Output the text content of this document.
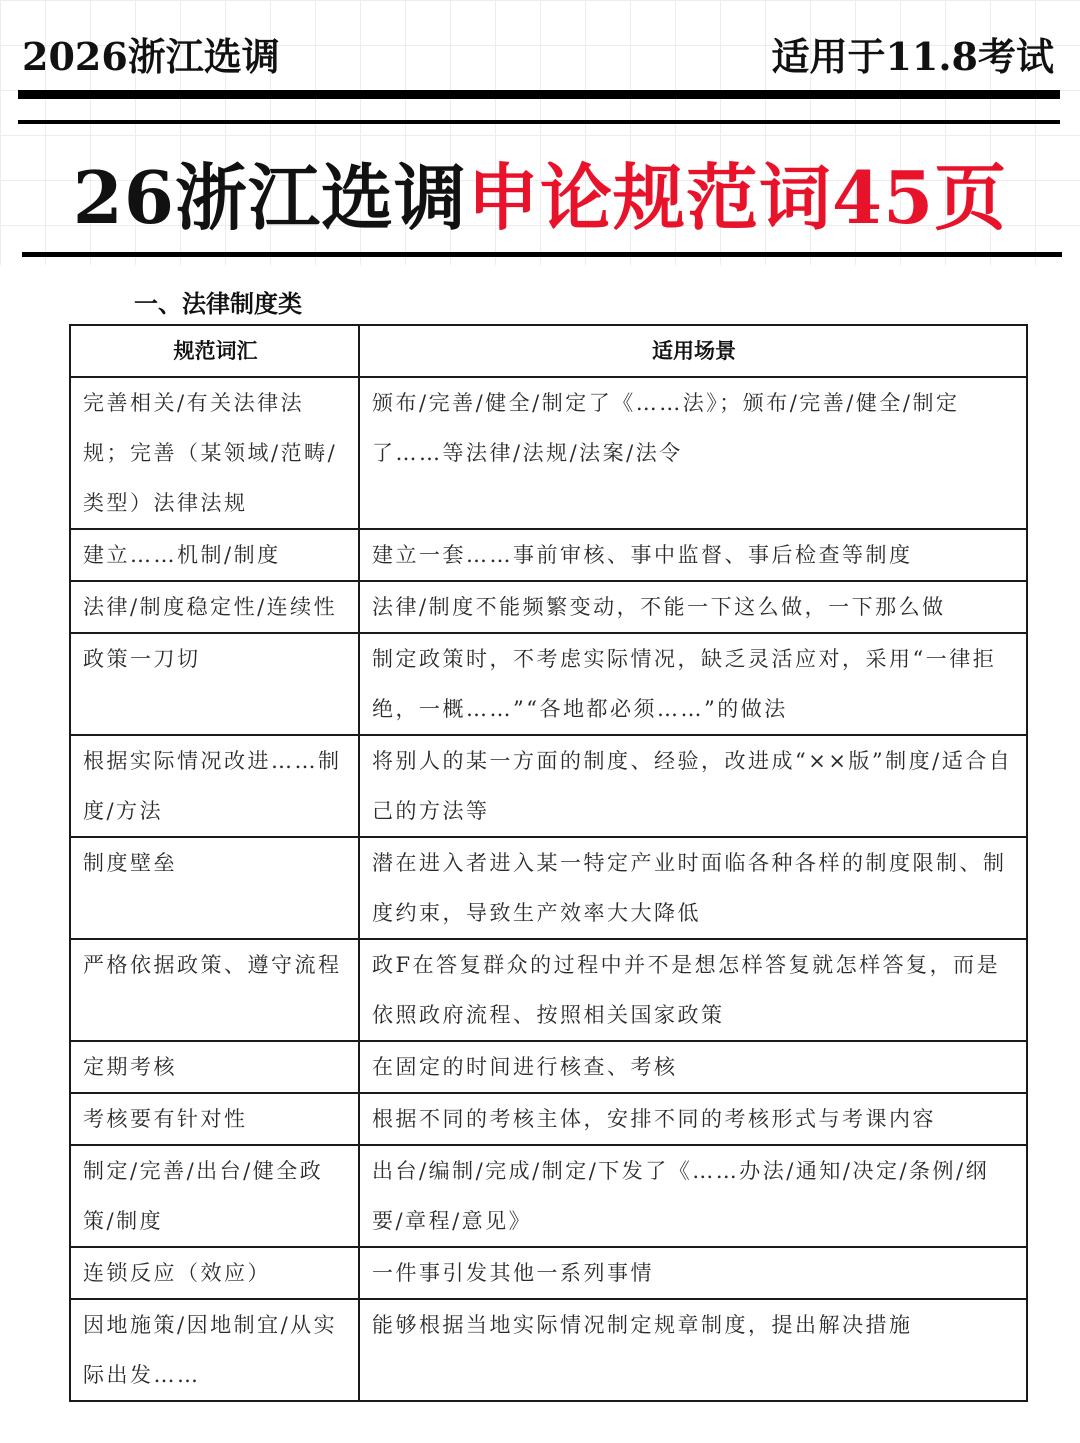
2026浙江选调	适用于11.8考试
26浙江选调申论规范词45页
一、法律制度类
规范词汇	适用场景
完善相关/有关法律法规；完善（某领域/范畴/类型）法律法规	颁布/完善/健全/制定了《……法》；颁布/完善/健全/制定了……等法律/法规/法案/法令
建立……机制/制度	建立一套……事前审核、事中监督、事后检查等制度
法律/制度稳定性/连续性	法律/制度不能频繁变动，不能一下这么做，一下那么做
政策一刀切	制定政策时，不考虑实际情况，缺乏灵活应对，采用“一律拒绝，一概……”“各地都必须……”的做法
根据实际情况改进……制度/方法	将别人的某一方面的制度、经验，改进成“××版”制度/适合自己的方法等
制度壁垒	潜在进入者进入某一特定产业时面临各种各样的制度限制、制度约束，导致生产效率大大降低
严格依据政策、遵守流程	政F在答复群众的过程中并不是想怎样答复就怎样答复，而是依照政府流程、按照相关国家政策
定期考核	在固定的时间进行核查、考核
考核要有针对性	根据不同的考核主体，安排不同的考核形式与考课内容
制定/完善/出台/健全政策/制度	出台/编制/完成/制定/下发了《……办法/通知/决定/条例/纲要/章程/意见》
连锁反应（效应）	一件事引发其他一系列事情
因地施策/因地制宜/从实际出发……	能够根据当地实际情况制定规章制度，提出解决措施
